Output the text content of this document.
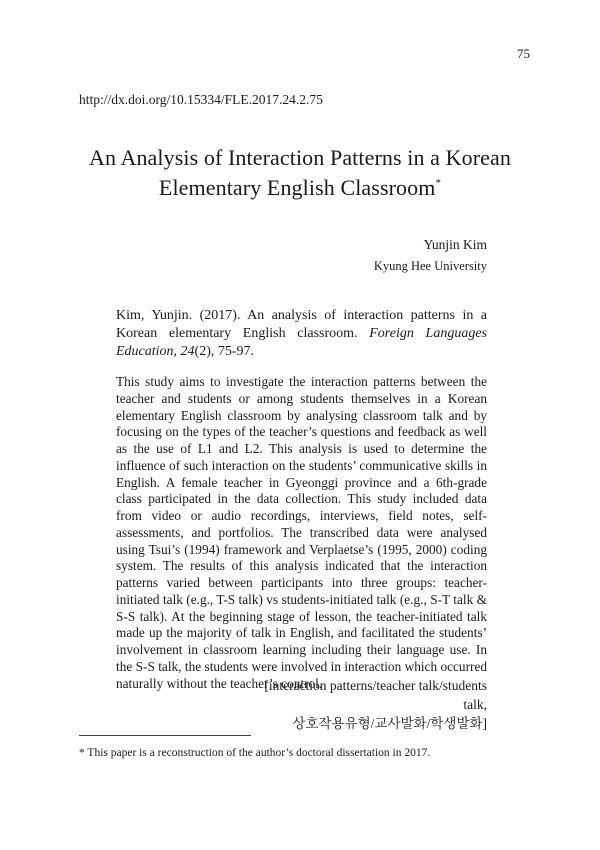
75
http://dx.doi.org/10.15334/FLE.2017.24.2.75
An Analysis of Interaction Patterns in a Korean
Elementary English Classroom*
Yunjin Kim
Kyung Hee University
Kim, Yunjin. (2017). An analysis of interaction patterns in a Korean elementary English classroom. Foreign Languages Education, 24(2), 75-97.

This study aims to investigate the interaction patterns between the teacher and students or among students themselves in a Korean elementary English classroom by analysing classroom talk and by focusing on the types of the teacher’s questions and feedback as well as the use of L1 and L2. This analysis is used to determine the influence of such interaction on the students’ communicative skills in English. A female teacher in Gyeonggi province and a 6th-grade class participated in the data collection. This study included data from video or audio recordings, interviews, field notes, self-assessments, and portfolios. The transcribed data were analysed using Tsui’s (1994) framework and Verplaetse’s (1995, 2000) coding system. The results of this analysis indicated that the interaction patterns varied between participants into three groups: teacher-initiated talk (e.g., T-S talk) vs students-initiated talk (e.g., S-T talk & S-S talk). At the beginning stage of lesson, the teacher-initiated talk made up the majority of talk in English, and facilitated the students’ involvement in classroom learning including their language use. In the S-S talk, the students were involved in interaction which occurred naturally without the teacher’s control.

[interaction patterns/teacher talk/students talk,
상호작용유형/교사발화/학생발화]
* This paper is a reconstruction of the author’s doctoral dissertation in 2017.
